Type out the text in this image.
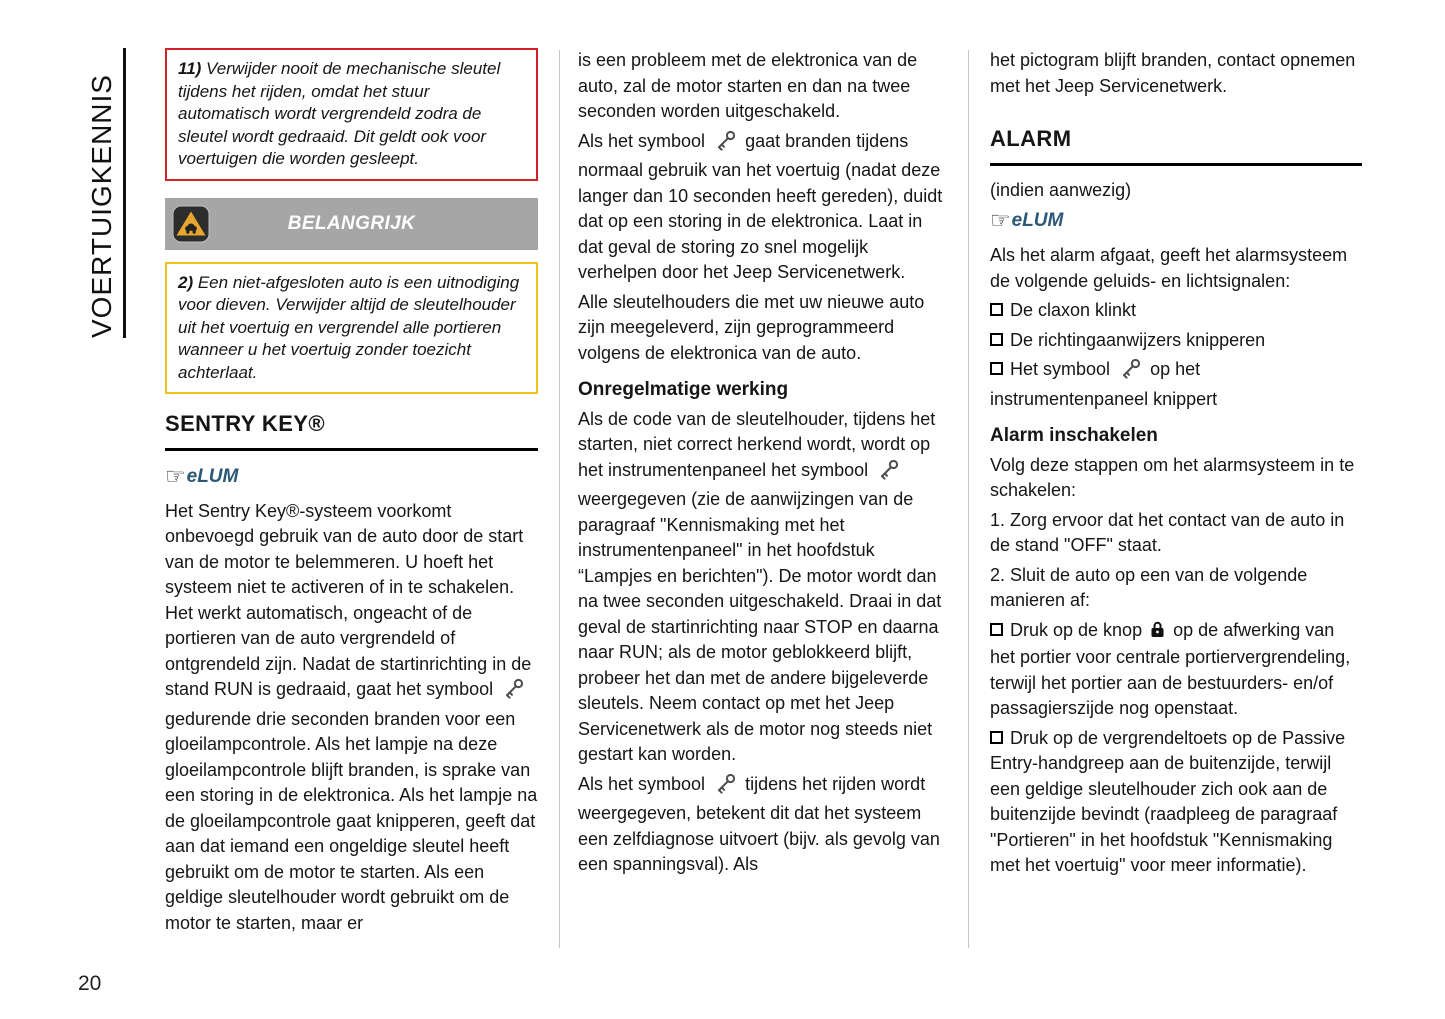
VOERTUIGKENNIS
11) Verwijder nooit de mechanische sleutel tijdens het rijden, omdat het stuur automatisch wordt vergrendeld zodra de sleutel wordt gedraaid. Dit geldt ook voor voertuigen die worden gesleept.
BELANGRIJK
2) Een niet-afgesloten auto is een uitnodiging voor dieven. Verwijder altijd de sleutelhouder uit het voertuig en vergrendel alle portieren wanneer u het voertuig zonder toezicht achterlaat.
SENTRY KEY®
☞eLUM
Het Sentry Key®-systeem voorkomt onbevoegd gebruik van de auto door de start van de motor te belemmeren. U hoeft het systeem niet te activeren of in te schakelen. Het werkt automatisch, ongeacht of de portieren van de auto vergrendeld of ontgrendeld zijn. Nadat de startinrichting in de stand RUN is gedraaid, gaat het symbool  gedurende drie seconden branden voor een gloeilampcontrole. Als het lampje na deze gloeilampcontrole blijft branden, is sprake van een storing in de elektronica. Als het lampje na de gloeilampcontrole gaat knipperen, geeft dat aan dat iemand een ongeldige sleutel heeft gebruikt om de motor te starten. Als een geldige sleutelhouder wordt gebruikt om de motor te starten, maar er
is een probleem met de elektronica van de auto, zal de motor starten en dan na twee seconden worden uitgeschakeld.
Als het symbool gaat branden tijdens normaal gebruik van het voertuig (nadat deze langer dan 10 seconden heeft gereden), duidt dat op een storing in de elektronica. Laat in dat geval de storing zo snel mogelijk verhelpen door het Jeep Servicenetwerk.
Alle sleutelhouders die met uw nieuwe auto zijn meegeleverd, zijn geprogrammeerd volgens de elektronica van de auto.
Onregelmatige werking
Als de code van de sleutelhouder, tijdens het starten, niet correct herkend wordt, wordt op het instrumentenpaneel het symbool  weergegeven (zie de aanwijzingen van de paragraaf "Kennismaking met het instrumentenpaneel" in het hoofdstuk “Lampjes en berichten"). De motor wordt dan na twee seconden uitgeschakeld. Draai in dat geval de startinrichting naar STOP en daarna naar RUN; als de motor geblokkeerd blijft, probeer het dan met de andere bijgeleverde sleutels. Neem contact op met het Jeep Servicenetwerk als de motor nog steeds niet gestart kan worden.
Als het symbool tijdens het rijden wordt weergegeven, betekent dit dat het systeem een zelfdiagnose uitvoert (bijv. als gevolg van een spanningsval). Als
het pictogram blijft branden, contact opnemen met het Jeep Servicenetwerk.
ALARM
(indien aanwezig)
☞eLUM
Als het alarm afgaat, geeft het alarmsysteem de volgende geluids- en lichtsignalen:
De claxon klinkt
De richtingaanwijzers knipperen
Het symbool op het instrumentenpaneel knippert
Alarm inschakelen
Volg deze stappen om het alarmsysteem in te schakelen:
1. Zorg ervoor dat het contact van de auto in de stand "OFF" staat.
2. Sluit de auto op een van de volgende manieren af:
Druk op de knop op de afwerking van het portier voor centrale portiervergrendeling, terwijl het portier aan de bestuurders- en/of passagierszijde nog openstaat.
Druk op de vergrendeltoets op de Passive Entry-handgreep aan de buitenzijde, terwijl een geldige sleutelhouder zich ook aan de buitenzijde bevindt (raadpleeg de paragraaf "Portieren" in het hoofdstuk "Kennismaking met het voertuig" voor meer informatie).
20
